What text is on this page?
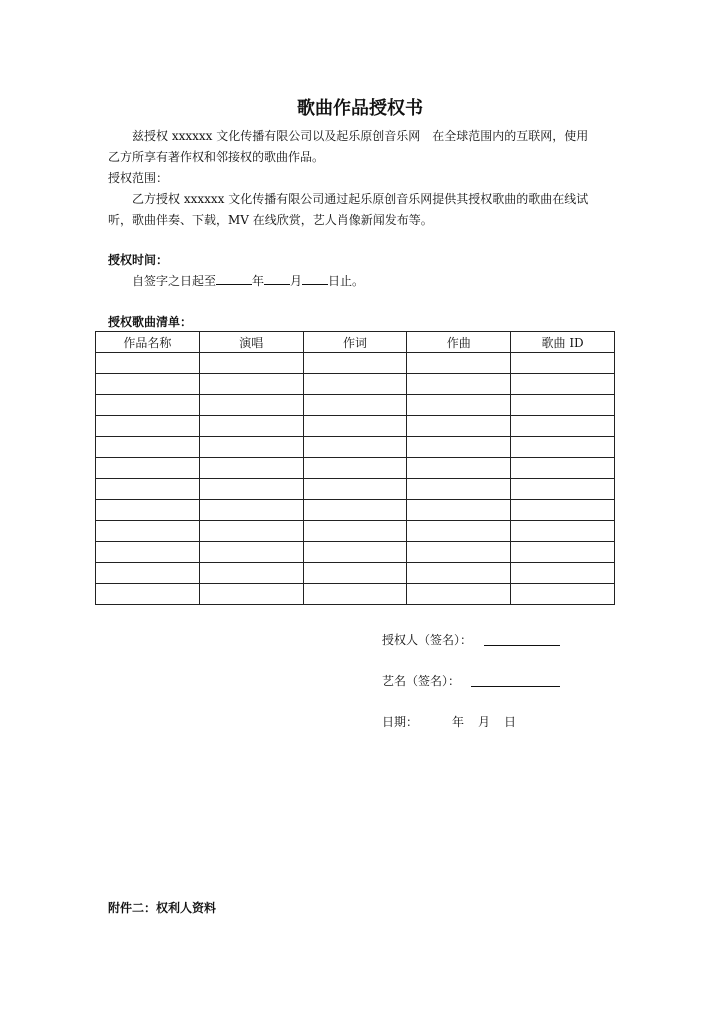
歌曲作品授权书
兹授权 xxxxxx 文化传播有限公司以及起乐原创音乐网　在全球范围内的互联网，使用

乙方所享有著作权和邻接权的歌曲作品。
授权范围：
乙方授权 xxxxxx 文化传播有限公司通过起乐原创音乐网提供其授权歌曲的歌曲在线试
听，歌曲伴奏、下载，MV 在线欣赏，艺人肖像新闻发布等。
授权时间：
自签字之日起至	年 月 日止。
授权歌曲清单：
作品名称	演唱	作词	作曲	歌曲 ID

授权人（签名）：
艺名（签名）：
日期：	年 月 日
附件二：权利人资料
